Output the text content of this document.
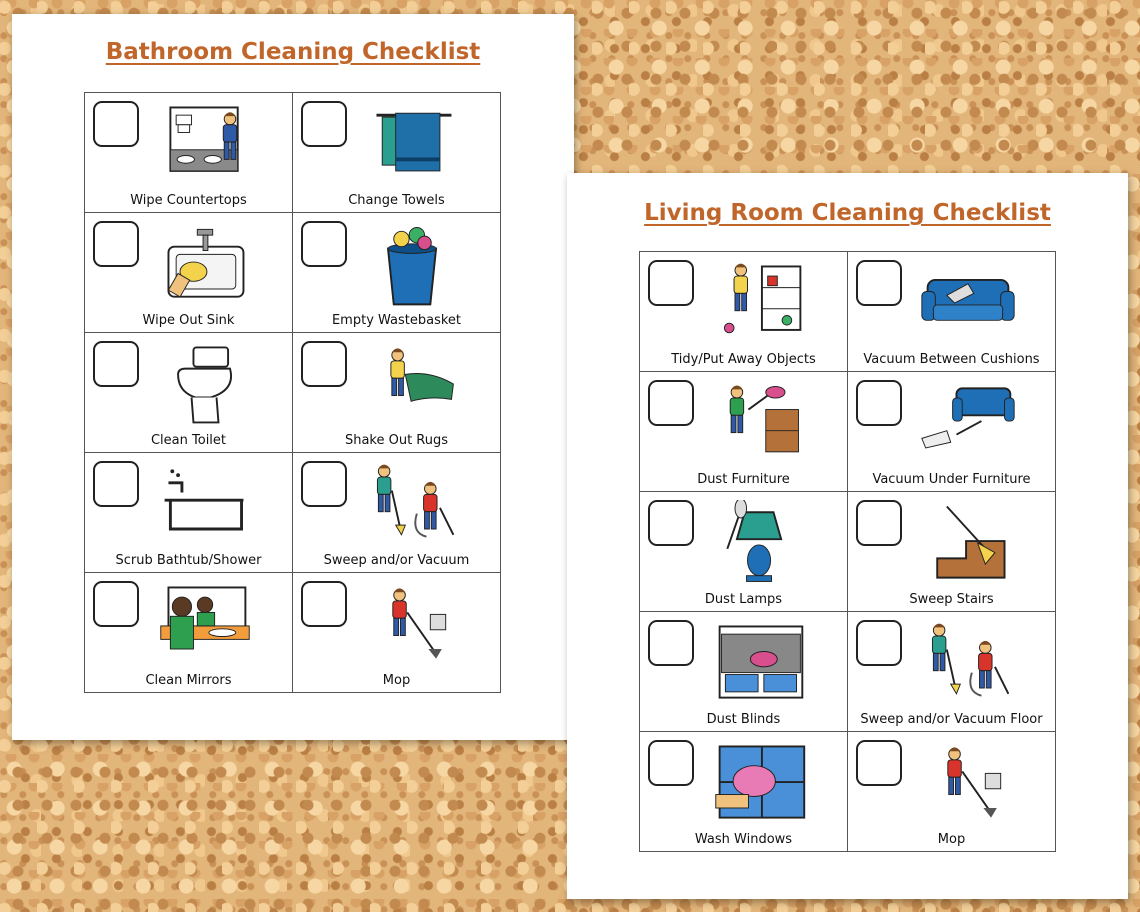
Bathroom Cleaning Checklist
Wipe Countertops	Change Towels
Wipe Out Sink	Empty Wastebasket
Clean Toilet	Shake Out Rugs
Scrub Bathtub/Shower	Sweep and/or Vacuum
Clean Mirrors	Mop
Living Room Cleaning Checklist
Tidy/Put Away Objects	Vacuum Between Cushions
Dust Furniture	Vacuum Under Furniture
Dust Lamps	Sweep Stairs
Dust Blinds	Sweep and/or Vacuum Floor
Wash Windows	Mop
